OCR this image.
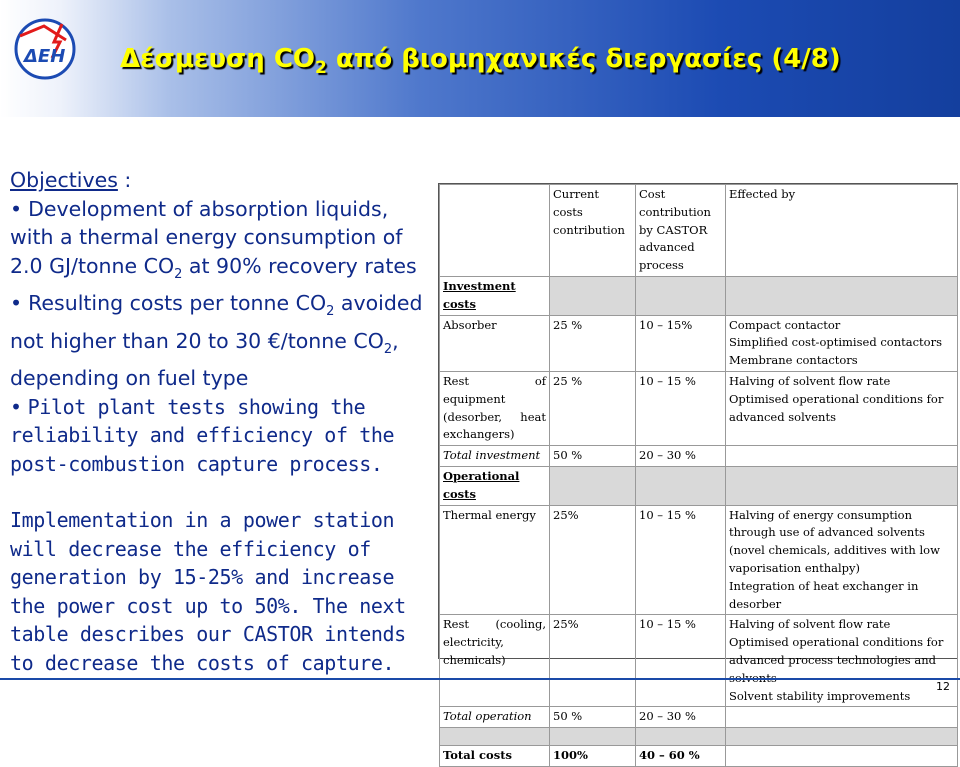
ΔΕΗ Δέσμευση $CO_2$ από βιομηχανικές διεργασίες (4/8)

Objectives :

• Development of absorption liquids, with a thermal energy consumption of 2.0 GJ/tonne $CO_2$ at 90% recovery rates

• Resulting costs per tonne $CO_2$ avoided not higher than 20 to 30 €/tonne $CO_2$, depending on fuel type

• Pilot plant tests showing the reliability and efficiency of the post-combustion capture process.

Implementation in a power station will decrease the efficiency of generation by 15-25% and increase the power cost up to 50%. The next table describes our CASTOR intends to decrease the costs of capture.

	Current costs contribution	Cost contribution by CASTOR advanced process	Effected by
Investment costs			
Absorber	25 %	10 – 15%	Compact contactor
Simplified cost-optimised contactors
Membrane contactors
Rest of equipment (desorber, heat exchangers)	25 %	10 – 15 %	Halving of solvent flow rate
Optimised operational conditions for advanced solvents
Total investment	50 %	20 – 30 %	
Operational costs			
Thermal energy	25%	10 – 15 %	Halving of energy consumption through use of advanced solvents (novel chemicals, additives with low vaporisation enthalpy)
Integration of heat exchanger in desorber
Rest (cooling, electricity, chemicals)	25%	10 – 15 %	Halving of solvent flow rate
Optimised operational conditions for advanced process technologies and
Solvent stability improvements
Total operation	50 %	20 – 30 %	

Total costs	100%	40 – 60 %	
12
